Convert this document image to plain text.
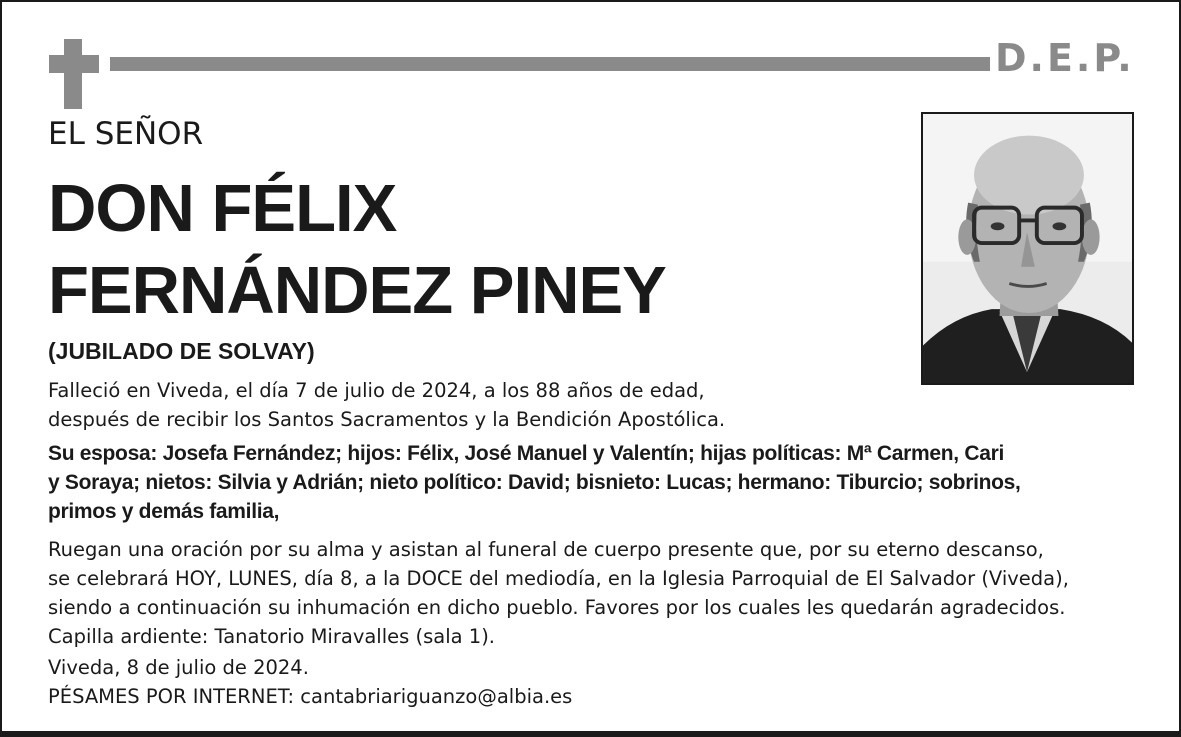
D.E.P.
EL SEÑOR
DON FÉLIX
FERNÁNDEZ PINEY
(JUBILADO DE SOLVAY)
Falleció en Viveda, el día 7 de julio de 2024, a los 88 años de edad,
después de recibir los Santos Sacramentos y la Bendición Apostólica.
Su esposa: Josefa Fernández; hijos: Félix, José Manuel y Valentín; hijas políticas: Mª Carmen, Cari
y Soraya; nietos: Silvia y Adrián; nieto político: David; bisnieto: Lucas; hermano: Tiburcio; sobrinos,
primos y demás familia,
Ruegan una oración por su alma y asistan al funeral de cuerpo presente que, por su eterno descanso,
se celebrará HOY, LUNES, día 8, a la DOCE del mediodía, en la Iglesia Parroquial de El Salvador (Viveda),
siendo a continuación su inhumación en dicho pueblo. Favores por los cuales les quedarán agradecidos.
Capilla ardiente: Tanatorio Miravalles (sala 1).
Viveda, 8 de julio de 2024.
PÉSAMES POR INTERNET: cantabriariguanzo@albia.es
